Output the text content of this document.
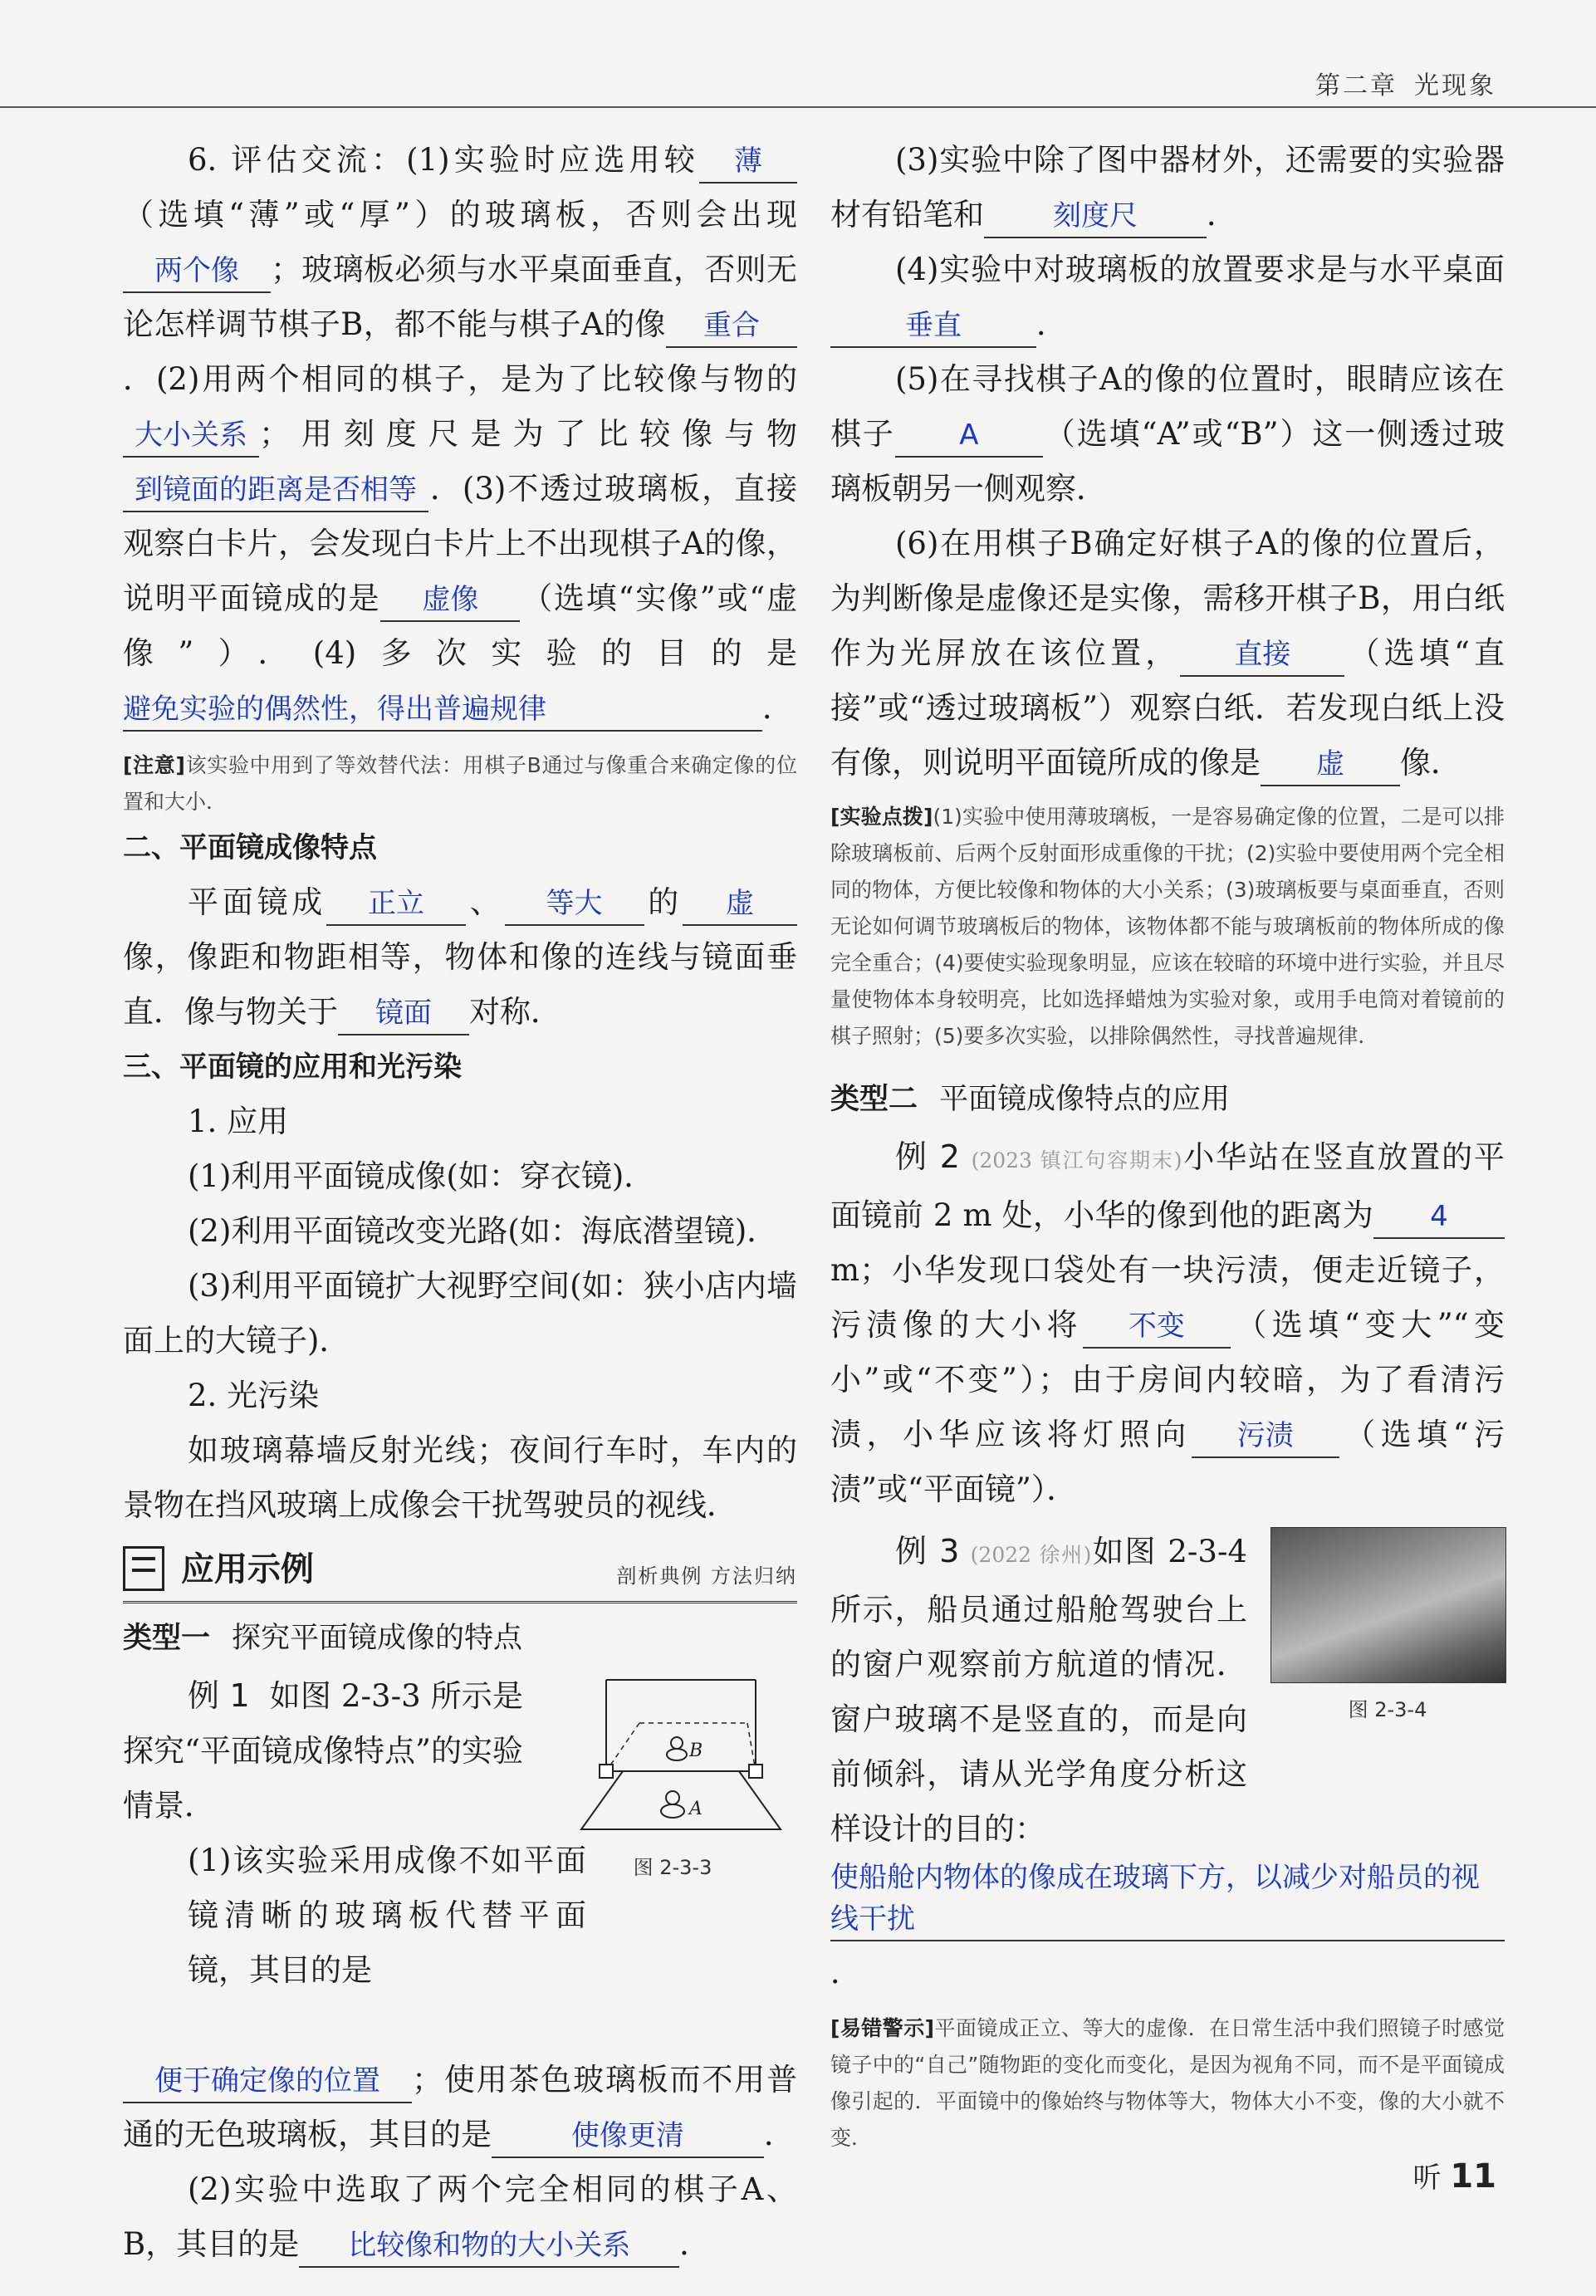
第二章 光现象

6. 评估交流：(1)实验时应选用较 薄（选填“薄”或“厚”）的玻璃板，否则会出现两个像 ；玻璃板必须与水平桌面垂直，否则无论怎样调节棋子B，都不能与棋子A的像 重合．(2)用两个相同的棋子，是为了比较像与物的大小关系 ；用刻度尺是为了比较像与物到镜面的距离是否相等 ．(3)不透过玻璃板，直接观察白卡片，会发现白卡片上不出现棋子A的像，说明平面镜成的是 虚像 （选填“实像”或“虚像”）．(4)多次实验的目的是避免实验的偶然性，得出普遍规律	．

[注意]该实验中用到了等效替代法：用棋子B通过与像重合来确定像的位置和大小．

二、平面镜成像特点

平面镜成 正立 、 等大 的 虚像，像距和物距相等，物体和像的连线与镜面垂直．像与物关于 镜面 对称．

三、平面镜的应用和光污染

1. 应用

(1)利用平面镜成像(如：穿衣镜)．

(2)利用平面镜改变光路(如：海底潜望镜)．

(3)利用平面镜扩大视野空间(如：狭小店内墙面上的大镜子)．

2. 光污染

如玻璃幕墙反射光线；夜间行车时，车内的景物在挡风玻璃上成像会干扰驾驶员的视线．

应用示例	剖析典例 方法归纳

类型一 探究平面镜成像的特点

B
A
图 2-3-3

例 1 如图 2-3-3 所示是探究“平面镜成像特点”的实验情景．

(1)该实验采用成像不如平面镜清晰的玻璃板代替平面镜，其目的是

便于确定像的位置 ；使用茶色玻璃板而不用普通的无色玻璃板，其目的是	使像更清	．

(2)实验中选取了两个完全相同的棋子A、B，其目的是 比较像和物的大小关系 ．

(3)实验中除了图中器材外，还需要的实验器材有铅笔和 刻度尺 ．

(4)实验中对玻璃板的放置要求是与水平桌面垂直 ．

(5)在寻找棋子A的像的位置时，眼睛应该在棋子 A （选填“A”或“B”）这一侧透过玻璃板朝另一侧观察．

(6)在用棋子B确定好棋子A的像的位置后，为判断像是虚像还是实像，需移开棋子B，用白纸作为光屏放在该位置， 直接 （选填“直接”或“透过玻璃板”）观察白纸．若发现白纸上没有像，则说明平面镜所成的像是 虚 像．

[实验点拨](1)实验中使用薄玻璃板，一是容易确定像的位置，二是可以排除玻璃板前、后两个反射面形成重像的干扰；(2)实验中要使用两个完全相同的物体，方便比较像和物体的大小关系；(3)玻璃板要与桌面垂直，否则无论如何调节玻璃板后的物体，该物体都不能与玻璃板前的物体所成的像完全重合；(4)要使实验现象明显，应该在较暗的环境中进行实验，并且尽量使物体本身较明亮，比如选择蜡烛为实验对象，或用手电筒对着镜前的棋子照射；(5)要多次实验，以排除偶然性，寻找普遍规律．

类型二 平面镜成像特点的应用

例 2 (2023 镇江句容期末)小华站在竖直放置的平面镜前 2 m 处，小华的像到他的距离为 4m；小华发现口袋处有一块污渍，便走近镜子，污渍像的大小将 不变 （选填“变大”“变小”或“不变”）；由于房间内较暗，为了看清污渍，小华应该将灯照向 污渍 （选填“污渍”或“平面镜”）．

图 2-3-4

例 3 (2022 徐州)如图 2-3-4 所示，船员通过船舱驾驶台上的窗户观察前方航道的情况．窗户玻璃不是竖直的，而是向前倾斜，请从光学角度分析这样设计的目的：

使船舱内物体的像成在玻璃下方，以减少对船员的视线干扰．

[易错警示]平面镜成正立、等大的虚像．在日常生活中我们照镜子时感觉镜子中的“自己”随物距的变化而变化，是因为视角不同，而不是平面镜成像引起的．平面镜中的像始终与物体等大，物体大小不变，像的大小就不变．

听 11
